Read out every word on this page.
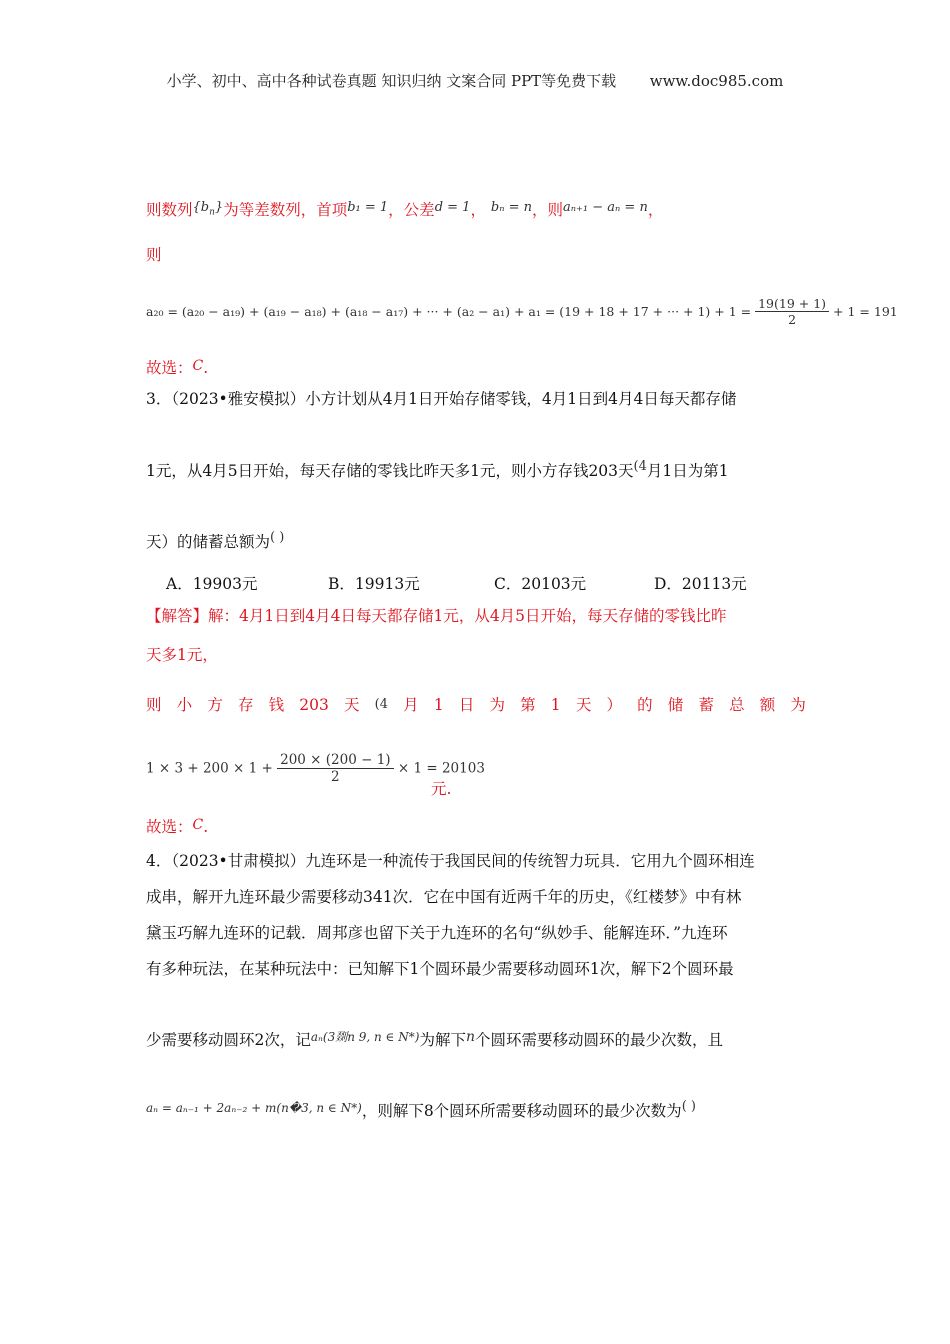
小学、初中、高中各种试卷真题 知识归纳 文案合同 PPT等免费下载 www.doc985.com
则数列$^{\{b_n\}}$为等差数列，首项$^{b_1 = 1}$，公差$^{d = 1}$， $^{b_n = n}$，则$^{a_{n+1} - a_n = n}$，
则
a₂₀ = (a₂₀ − a₁₉) + (a₁₉ − a₁₈) + (a₁₈ − a₁₇) + ··· + (a₂ − a₁) + a₁ = (19 + 18 + 17 + ··· + $1) + 1 = \frac{19(19 + 1)}{2} + 1 = 191$
故选：C.
3．（2023•雅安模拟）小方计划从4月1日开始存储零钱，4月1日到4月4日每天都存储
1元，从4月5日开始，每天存储的零钱比昨天多1元，则小方存钱203天$^{(4}$月1日为第1
天）的储蓄总额为( )
A．19903元	B．19913元	C．20103元	D．20113元
【解答】解：4月1日到4月4日每天都存储1元，从4月5日开始，每天存储的零钱比昨
天多1元，
则 小 方 存 钱 203 天 (4 月 1 日 为 第 1 天 ） 的 储 蓄 总 额 为
$1 \times 3 + 200 \times 1 + \frac{200 \times (200 - 1)}{2} \times 1 = 20103$
元.
故选：C.
4．（2023•甘肃模拟）九连环是一种流传于我国民间的传统智力玩具．它用九个圆环相连
成串，解开九连环最少需要移动341次．它在中国有近两千年的历史，《红楼梦》中有林
黛玉巧解九连环的记载．周邦彦也留下关于九连环的名句“纵妙手、能解连环．”九连环
有多种玩法，在某种玩法中：已知解下1个圆环最少需要移动圆环1次，解下2个圆环最
少需要移动圆环2次，记$^{a_n(3剟n 9, n \in N*)}$为解下n个圆环需要移动圆环的最少次数，且
$^{a_n = a_{n-1} + 2a_{n-2} + m(n�3, n \in N*)}$，则解下8个圆环所需要移动圆环的最少次数为( )
